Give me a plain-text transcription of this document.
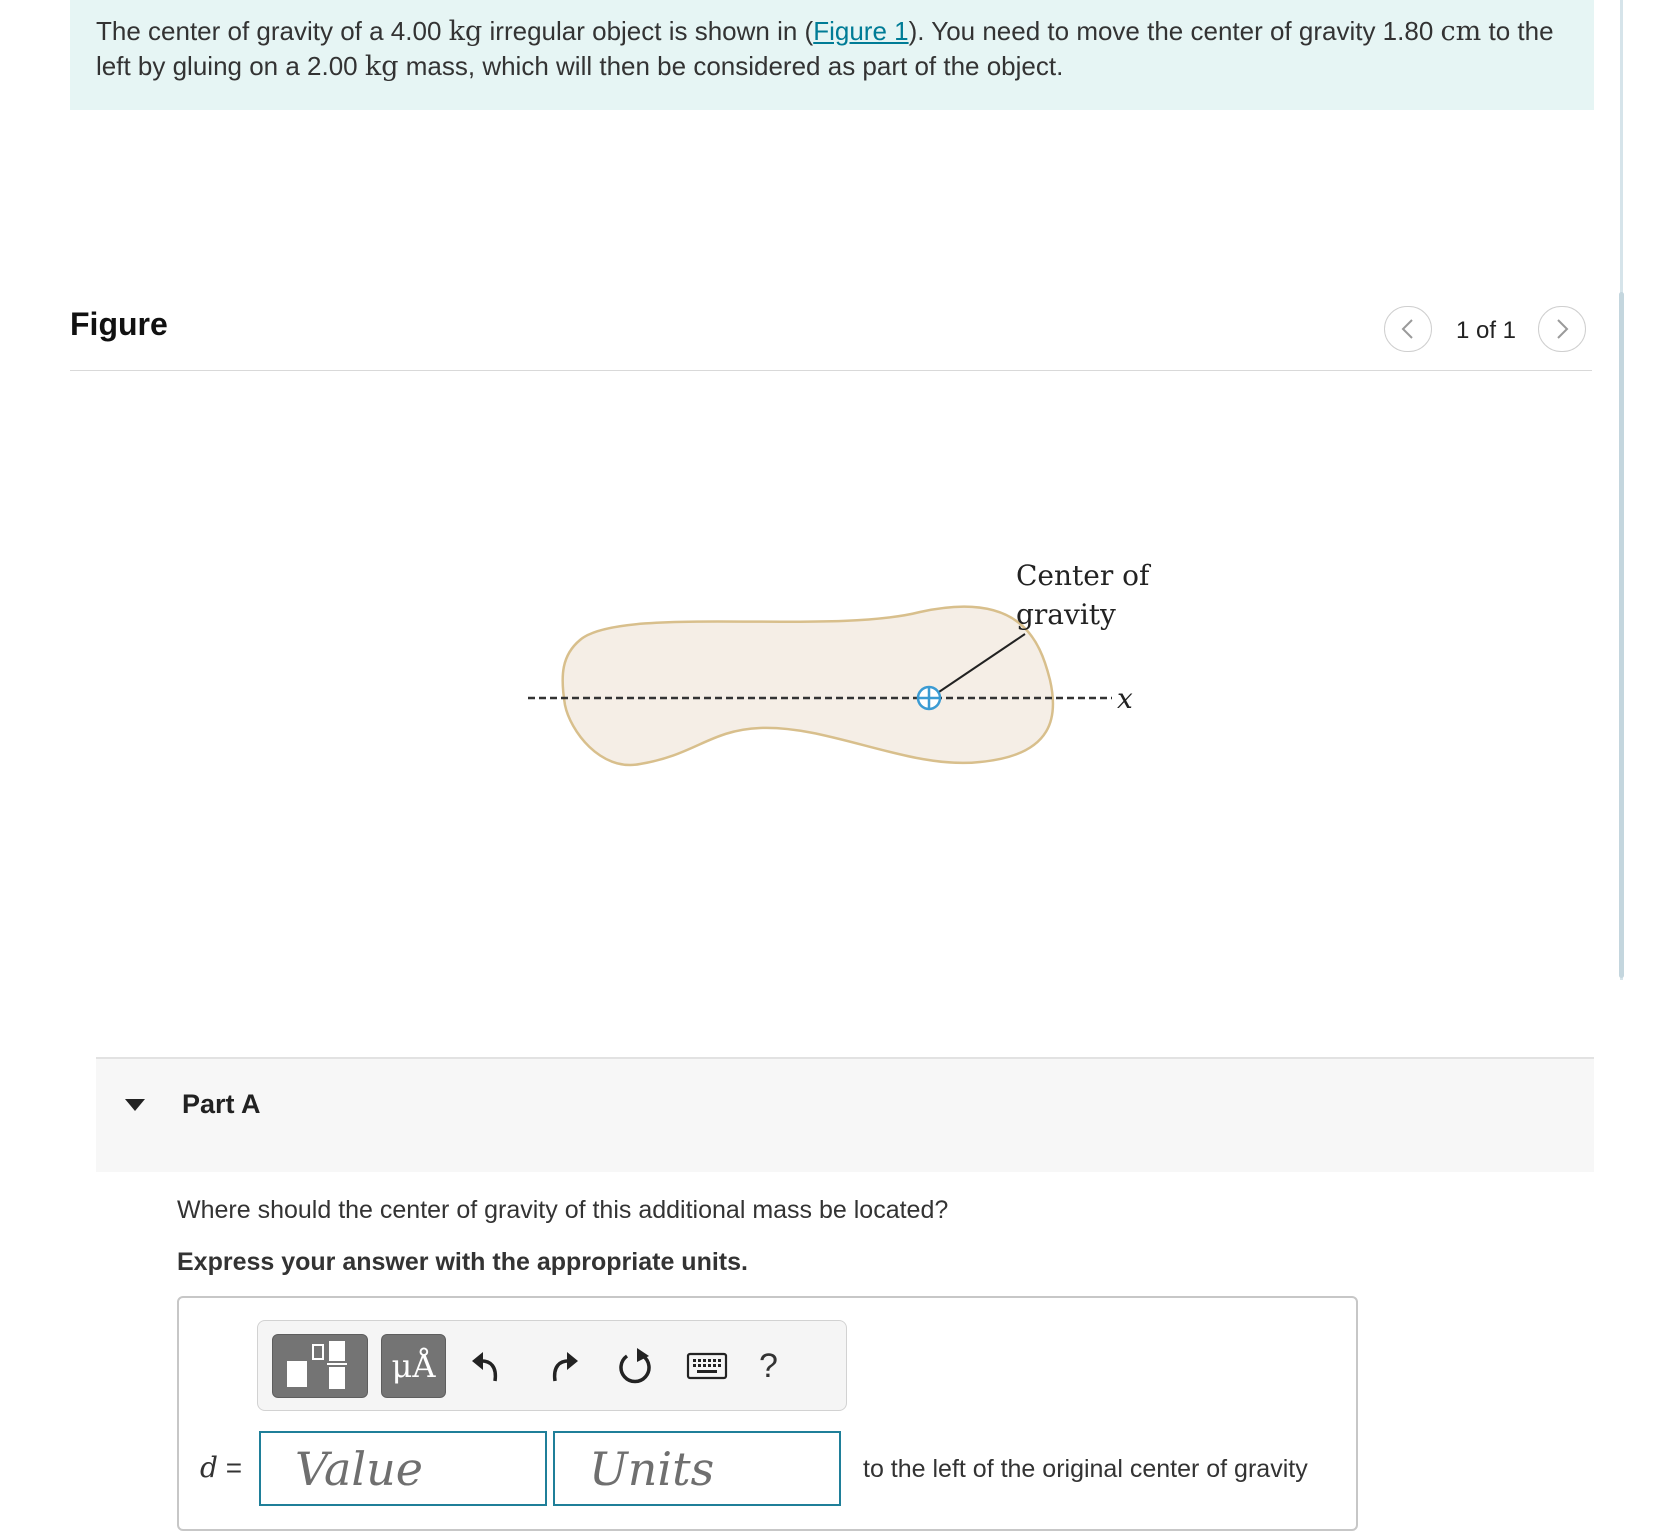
The center of gravity of a 4.00 kg irregular object is shown in (Figure 1). You need to move the center of gravity 1.80 cm to the left by gluing on a 2.00 kg mass, which will then be considered as part of the object.
Figure	1 of 1
Center of
gravity
x
Part A
Where should the center of gravity of this additional mass be located?
Express your answer with the appropriate units.
μÅ	?
d =
Value
Units	to the left of the original center of gravity
